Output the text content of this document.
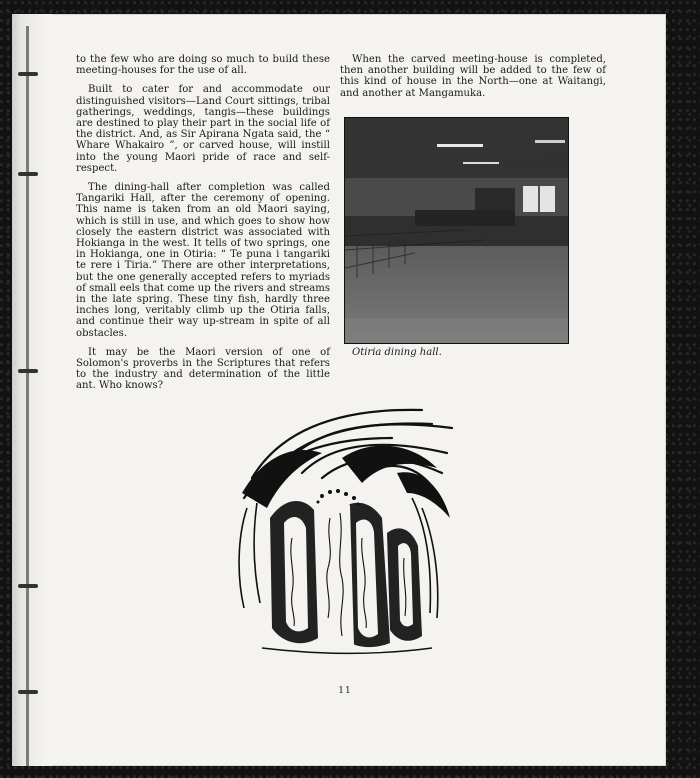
to the few who are doing so much to build these meeting-houses for the use of all.

Built to cater for and accommodate our distinguished visitors—Land Court sittings, tribal gatherings, weddings, tangis—these buildings are destined to play their part in the social life of the district. And, as Sir Apirana Ngata said, the “ Whare Whakairo ”, or carved house, will instill into the young Maori pride of race and self-respect.

The dining-hall after completion was called Tangariki Hall, after the ceremony of opening. This name is taken from an old Maori saying, which is still in use, and which goes to show how closely the eastern district was associated with Hokianga in the west. It tells of two springs, one in Hokianga, one in Otiria: “ Te puna i tangariki te rere i Tiria.” There are other interpretations, but the one generally accepted refers to myriads of small eels that come up the rivers and streams in the late spring. These tiny fish, hardly three inches long, veritably climb up the Otiria falls, and continue their way up-stream in spite of all obstacles.

It may be the Maori version of one of Solomon's proverbs in the Scriptures that refers to the industry and determination of the little ant. Who knows?

When the carved meeting-house is completed, then another building will be added to the few of this kind of house in the North—one at Waitangi, and another at Mangamuka.

Otiria dining hall.
11
